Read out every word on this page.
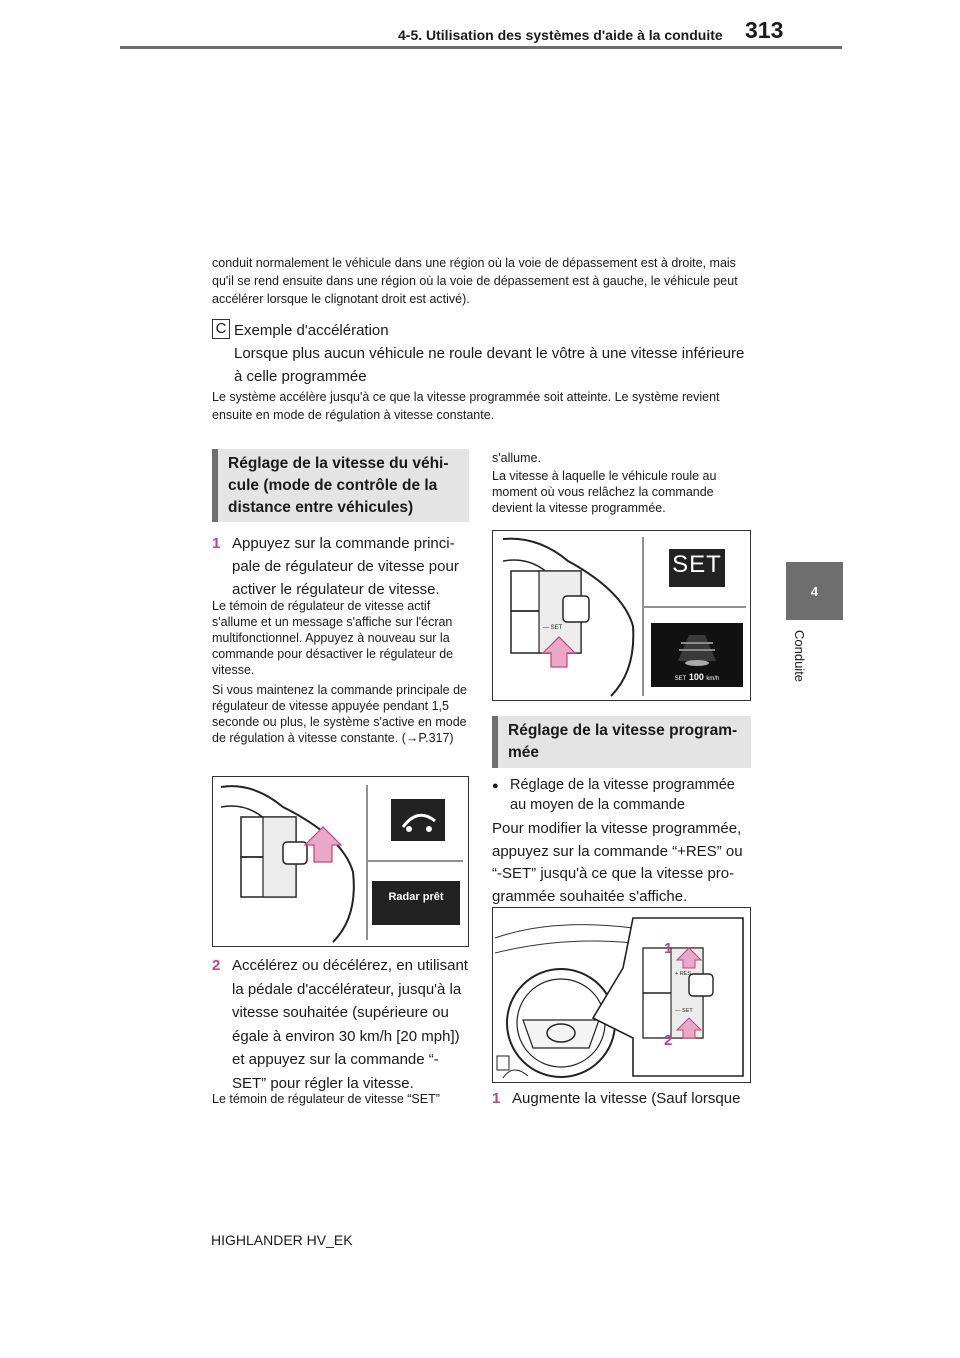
313
4-5. Utilisation des systèmes d'aide à la conduite
4
Conduite

conduit normalement le véhicule dans une région où la voie de dépassement est à droite, mais qu'il se rend ensuite dans une région où la voie de dépassement est à gauche, le véhicule peut accélérer lorsque le clignotant droit est activé).

C Exemple d'accélération
Lorsque plus aucun véhicule ne roule devant le vôtre à une vitesse inférieure à celle programmée

Le système accélère jusqu'à ce que la vitesse programmée soit atteinte. Le système revient ensuite en mode de régulation à vitesse constante.

Réglage de la vitesse du véhi-cule (mode de contrôle de la distance entre véhicules)
1 Appuyez sur la commande princi-pale de régulateur de vitesse pour activer le régulateur de vitesse.

Le témoin de régulateur de vitesse actif s'allume et un message s'affiche sur l'écran multifonctionnel. Appuyez à nouveau sur la commande pour désactiver le régulateur de vitesse.

Si vous maintenez la commande principale de régulateur de vitesse appuyée pendant 1,5 seconde ou plus, le système s'active en mode de régulation à vitesse constante. (→P.317)

Radar prêt
2 Accélérez ou décélérez, en utilisant la pédale d'accélérateur, jusqu'à la vitesse souhaitée (supérieure ou égale à environ 30 km/h [20 mph]) et appuyez sur la commande “-SET” pour régler la vitesse.

Le témoin de régulateur de vitesse “SET”

s'allume.

La vitesse à laquelle le véhicule roule au moment où vous relâchez la commande devient la vitesse programmée.

SET
— SET
SET 100 km/h
Réglage de la vitesse program-mée
● Réglage de la vitesse programmée au moyen de la commande

Pour modifier la vitesse programmée, appuyez sur la commande “+RES” ou “-SET” jusqu'à ce que la vitesse pro-grammée souhaitée s'affiche.

1
2
+ RES
— SET
1 Augmente la vitesse (Sauf lorsque
HIGHLANDER HV_EK
